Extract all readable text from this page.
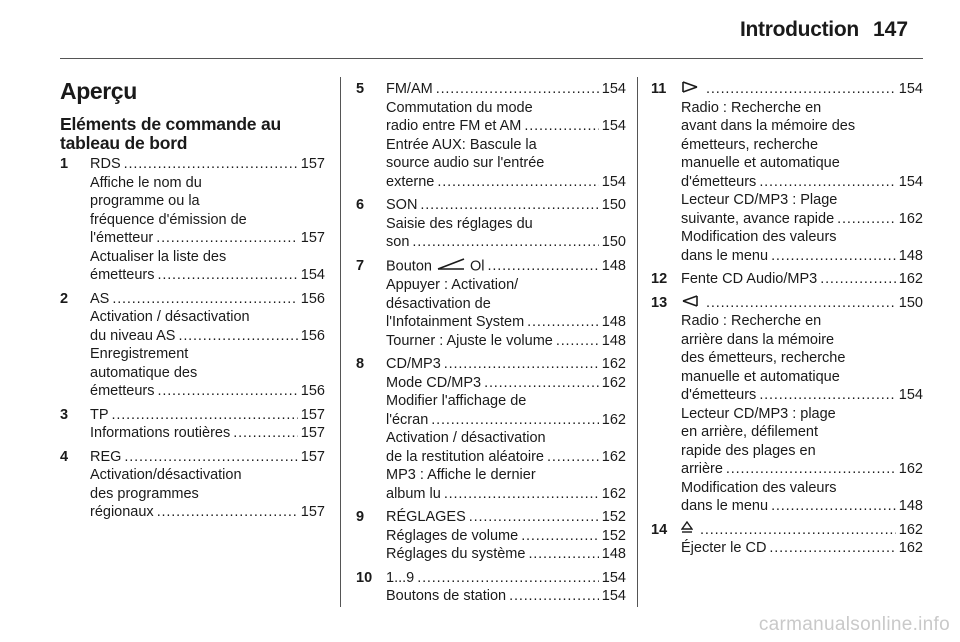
Introduction 147
Aperçu
Eléments de commande au
tableau de bord
1 RDS . . .	157
Affiche le nom du
programme ou la
fréquence d'émission de
l'émetteur . . .	157
Actualiser la liste des
émetteurs . . .	154
2 AS . . .	156
Activation / désactivation
du niveau AS . . .	156
Enregistrement
automatique des
émetteurs . . .	156
3 TP . . .	157
Informations routières . . .	157
4 REG . . .	157
Activation/désactivation
des programmes
régionaux . . .	157
5 FM/AM . . .	154
Commutation du mode
radio entre FM et AM . . .	154
Entrée AUX: Bascule la
source audio sur l'entrée
externe . . .	154
6 SON . . .	150
Saisie des réglages du
son . . .	150
7 Bouton	Ol . . .	148
Appuyer : Activation/
désactivation de
l'Infotainment System . . .	148
Tourner : Ajuste le volume . . .	148
8 CD/MP3 . . .	162
Mode CD/MP3 . . .	162
Modifier l'affichage de
l'écran . . .	162
Activation / désactivation
de la restitution aléatoire . . .	162
MP3 : Affiche le dernier
album lu . . .	162
9 RÉGLAGES . . .	152
Réglages de volume . . .	152
Réglages du système . . .	148
10 1...9 . . .	154
Boutons de station . . .	154
11 . . .	154
Radio : Recherche en
avant dans la mémoire des
émetteurs, recherche
manuelle et automatique
d'émetteurs . . .	154
Lecteur CD/MP3 : Plage
suivante, avance rapide . . .	162
Modification des valeurs
dans le menu . . .	148
12 Fente CD Audio/MP3 . . .	162
13 . . .	150
Radio : Recherche en
arrière dans la mémoire
des émetteurs, recherche
manuelle et automatique
d'émetteurs . . .	154
Lecteur CD/MP3 : plage
en arrière, défilement
rapide des plages en
arrière . . .	162
Modification des valeurs
dans le menu . . .	148
14 . . .	162
Éjecter le CD . . .	162
carmanualsonline.info
